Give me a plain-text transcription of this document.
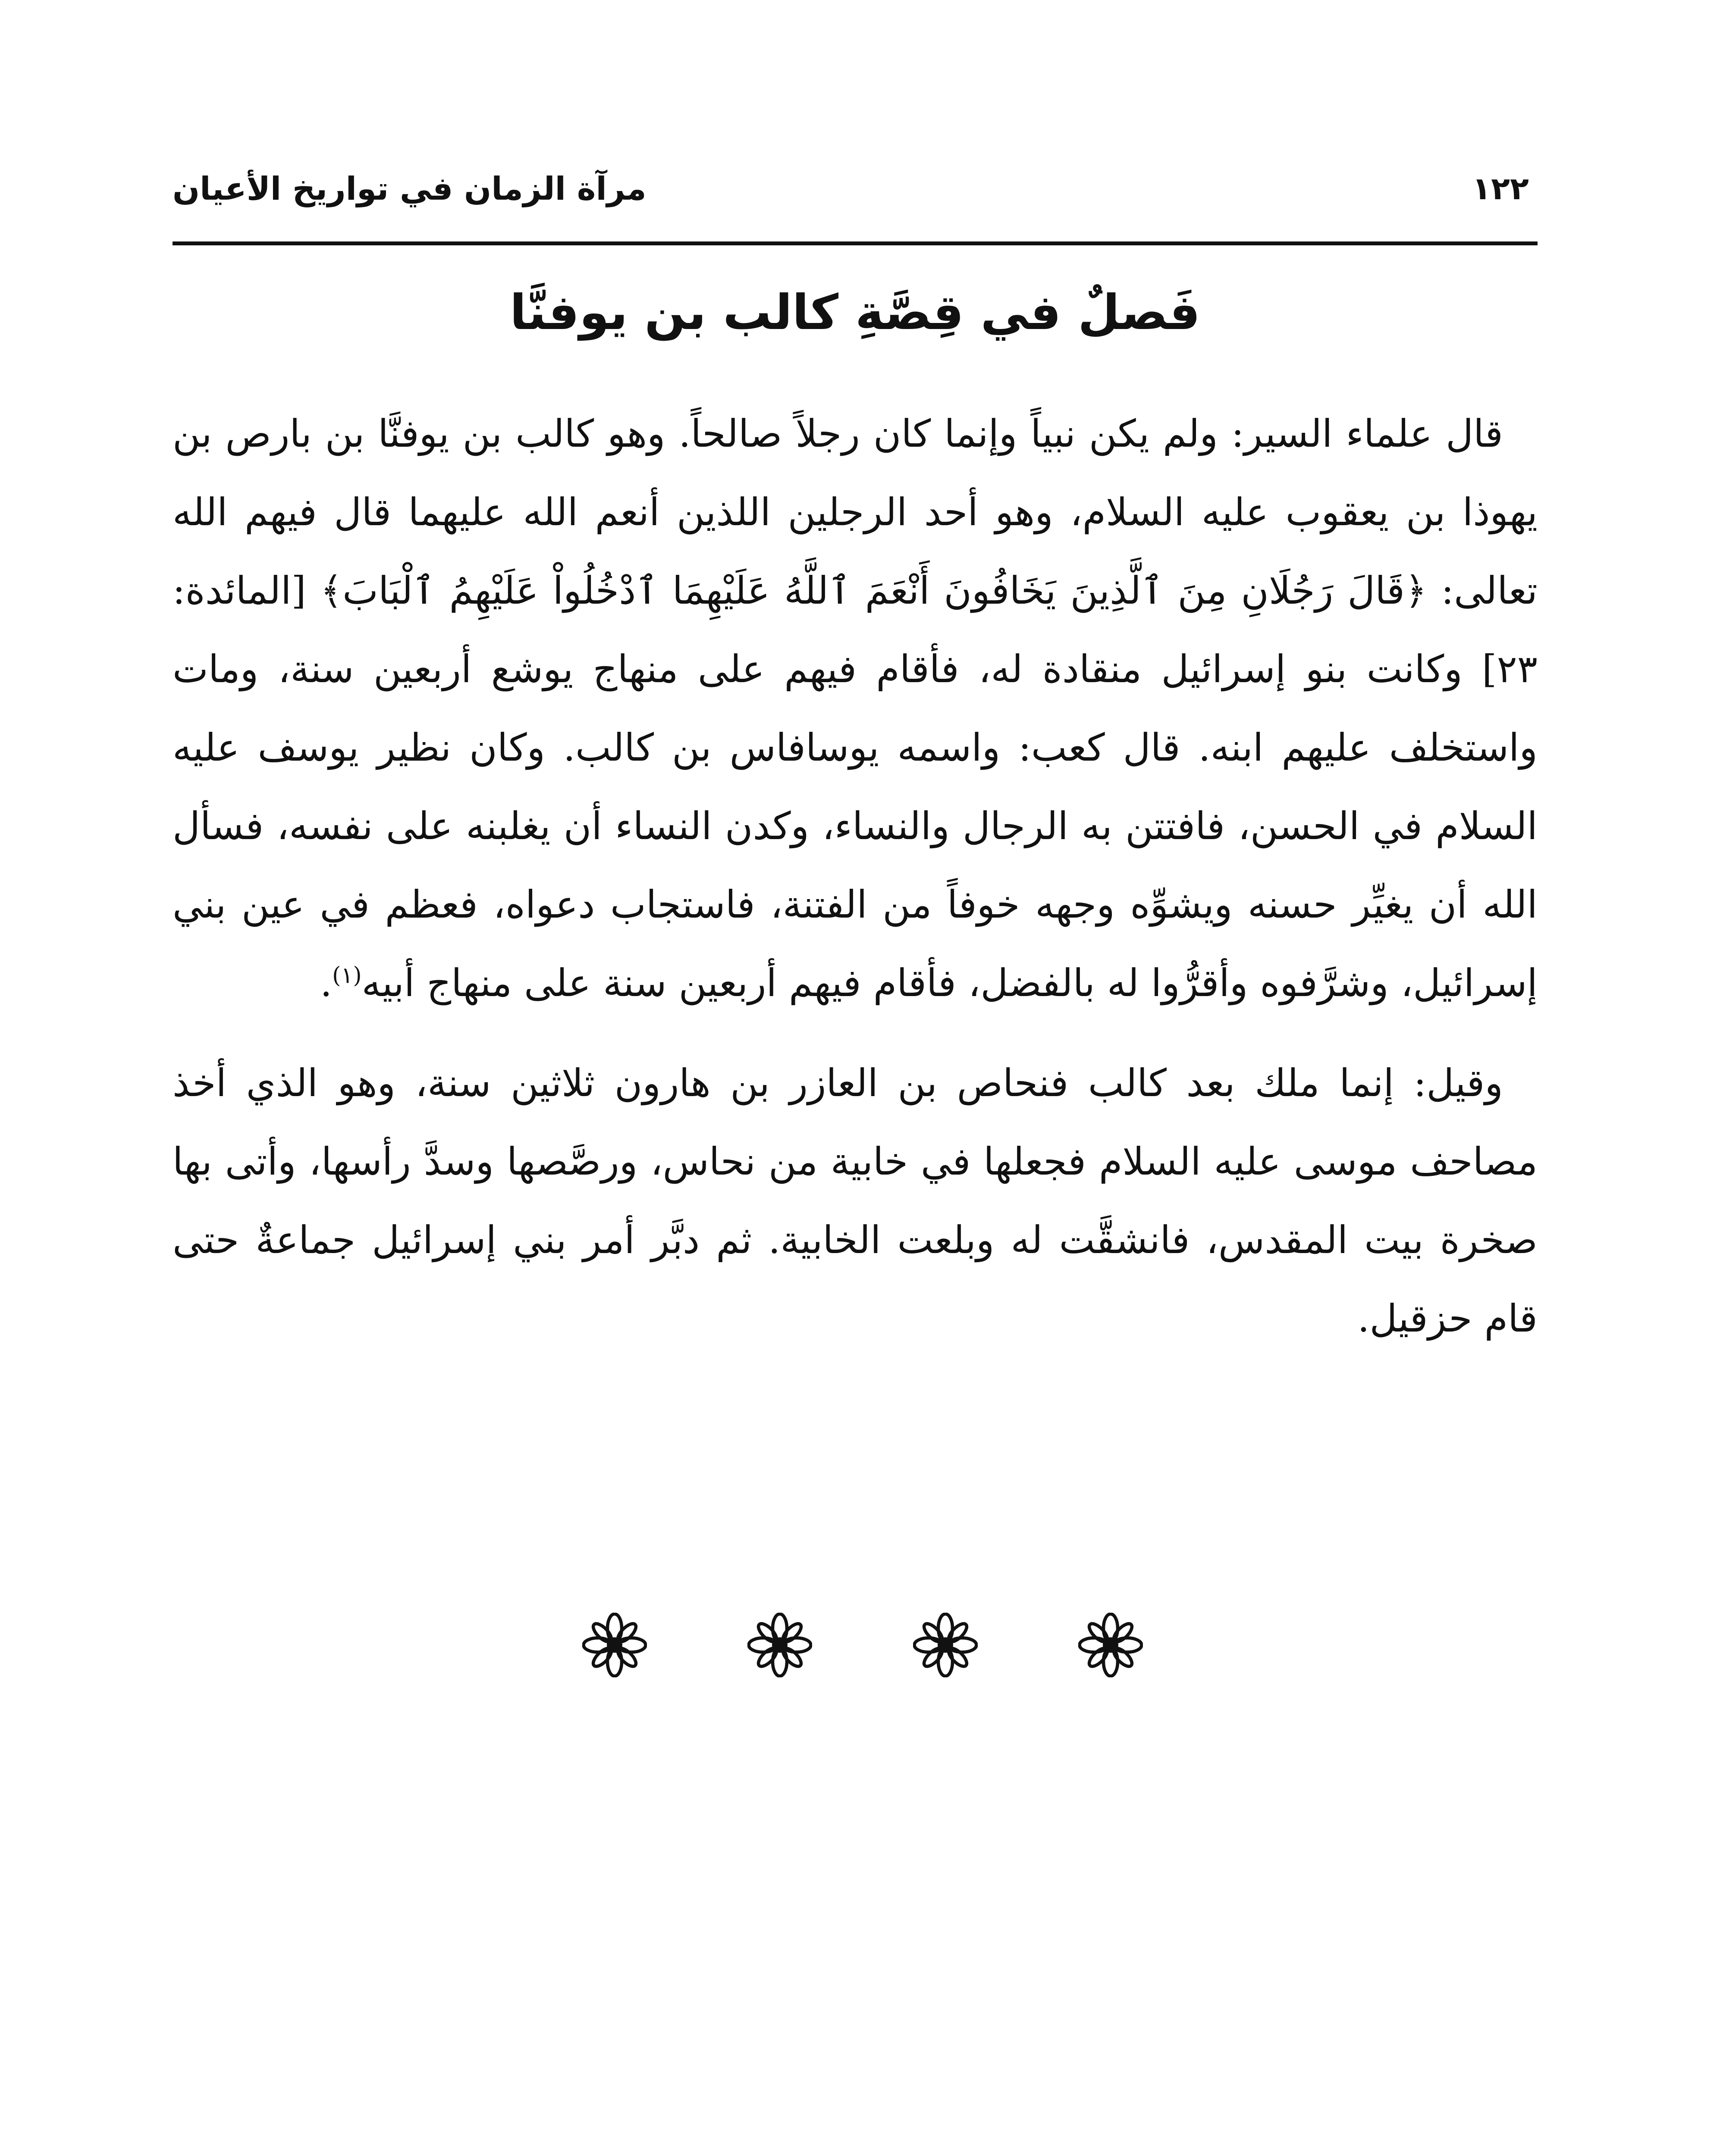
١٢٢
مرآة الزمان في تواريخ الأعيان
فَصلٌ في قِصَّةِ كالب بن يوفنَّا

قال علماء السير: ولم يكن نبياً وإنما كان رجلاً صالحاً. وهو كالب بن يوفنَّا بن بارص بن يهوذا بن يعقوب عليه السلام، وهو أحد الرجلين اللذين أنعم الله عليهما قال فيهم الله تعالى: ﴿قَالَ رَجُلَانِ مِنَ ٱلَّذِينَ يَخَافُونَ أَنْعَمَ ٱللَّهُ عَلَيْهِمَا ٱدْخُلُواْ عَلَيْهِمُ ٱلْبَابَ﴾ [المائدة: ٢٣] وكانت بنو إسرائيل منقادة له، فأقام فيهم على منهاج يوشع أربعين سنة، ومات واستخلف عليهم ابنه. قال كعب: واسمه يوسافاس بن كالب. وكان نظير يوسف عليه السلام في الحسن، فافتتن به الرجال والنساء، وكدن النساء أن يغلبنه على نفسه، فسأل الله أن يغيِّر حسنه ويشوِّه وجهه خوفاً من الفتنة، فاستجاب دعواه، فعظم في عين بني إسرائيل، وشرَّفوه وأقرُّوا له بالفضل، فأقام فيهم أربعين سنة على منهاج أبيه$^{(١)}$.

وقيل: إنما ملك بعد كالب فنحاص بن العازر بن هارون ثلاثين سنة، وهو الذي أخذ مصاحف موسى عليه السلام فجعلها في خابية من نحاس، ورصَّصها وسدَّ رأسها، وأتى بها صخرة بيت المقدس، فانشقَّت له وبلعت الخابية. ثم دبَّر أمر بني إسرائيل جماعةٌ حتى قام حزقيل.
